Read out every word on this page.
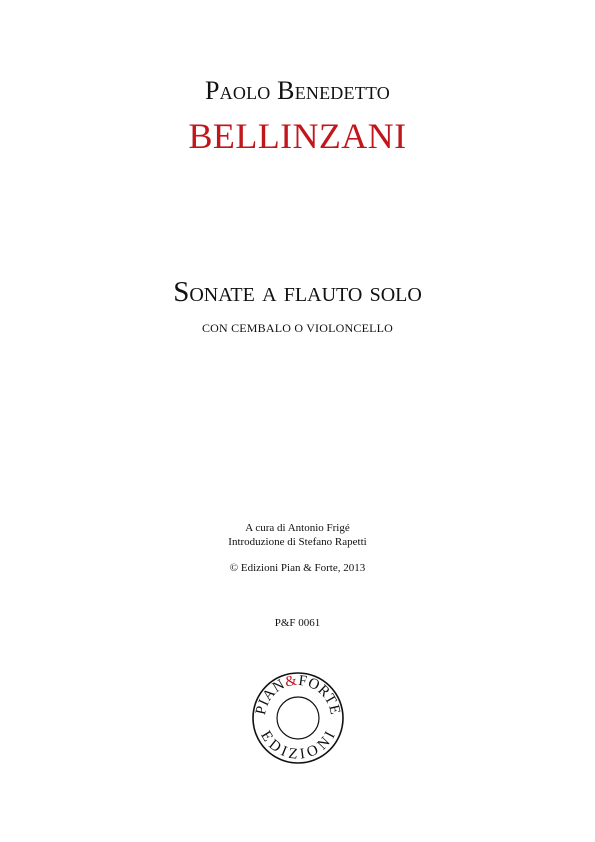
Paolo Benedetto
BELLINZANI
Sonate a flauto solo
CON CEMBALO O VIOLONCELLO
A cura di Antonio Frigé
Introduzione di Stefano Rapetti
© Edizioni Pian & Forte, 2013
P&F 0061
PIAN&FORTE
EDIZIONI
